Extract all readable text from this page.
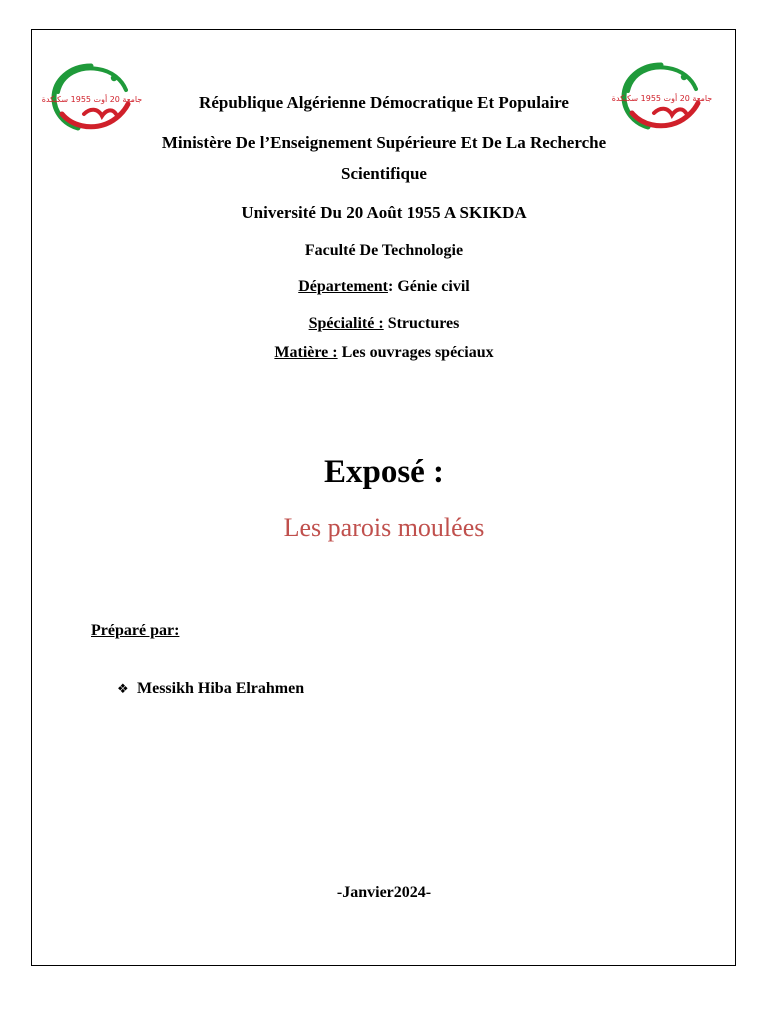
جامعة 20 أوت 1955 سكيكدة	جامعة 20 أوت 1955 سكيكدة
République Algérienne Démocratique Et Populaire
Ministère De l’Enseignement Supérieure Et De La Recherche
Scientifique
Université Du 20 Août 1955 A SKIKDA
Faculté De Technologie
Département: Génie civil
Spécialité : Structures
Matière : Les ouvrages spéciaux
Exposé :
Les parois moulées
Préparé par:
❖ Messikh Hiba Elrahmen
-Janvier2024-
